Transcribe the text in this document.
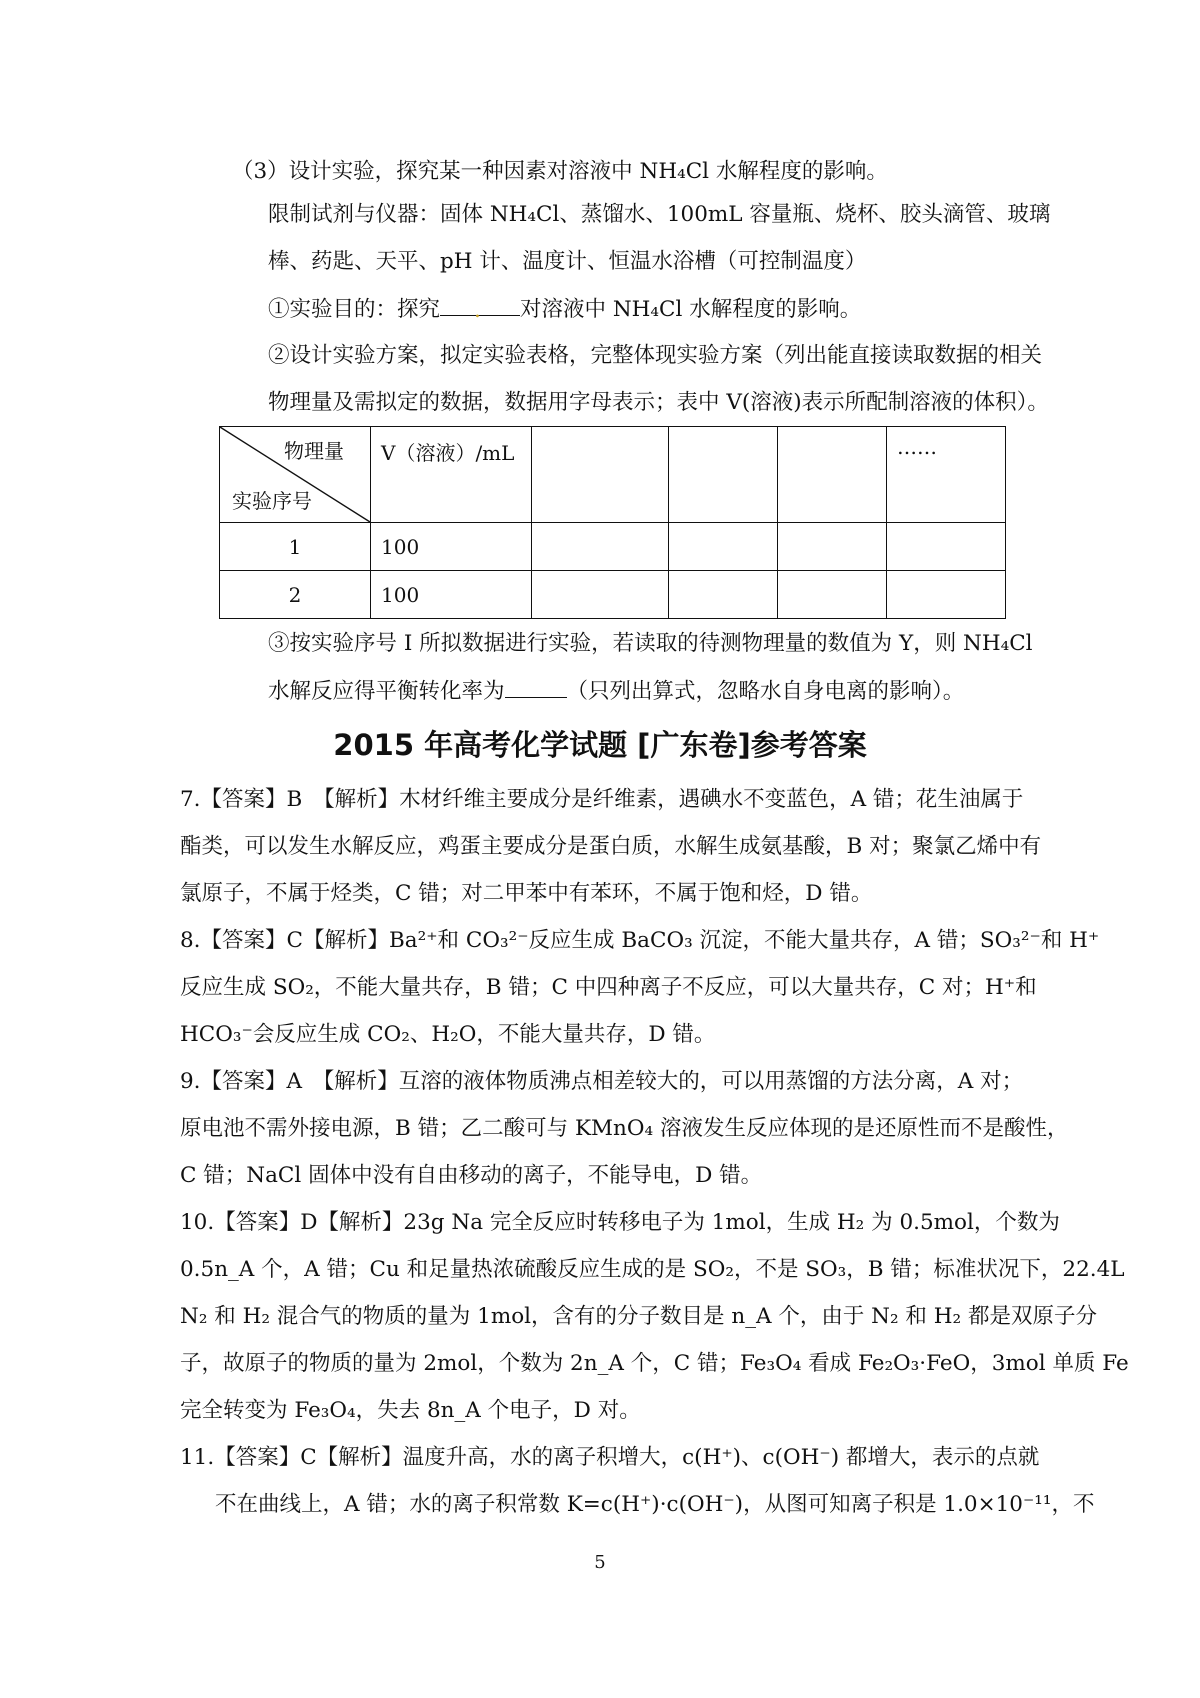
（3）设计实验，探究某一种因素对溶液中 NH₄Cl 水解程度的影响。
限制试剂与仪器：固体 NH₄Cl、蒸馏水、100mL 容量瓶、烧杯、胶头滴管、玻璃
棒、药匙、天平、pH 计、温度计、恒温水浴槽（可控制温度）
①实验目的：探究 . 对溶液中 NH₄Cl 水解程度的影响。
②设计实验方案，拟定实验表格，完整体现实验方案（列出能直接读取数据的相关
物理量及需拟定的数据，数据用字母表示；表中 V(溶液)表示所配制溶液的体积）。
物理量
实验序号	V（溶液）/mL				……
1	100				
2	100				
③按实验序号 I 所拟数据进行实验，若读取的待测物理量的数值为 Y，则 NH₄Cl
水解反应得平衡转化率为	（只列出算式，忽略水自身电离的影响）。
2015 年高考化学试题 [广东卷]参考答案
7.【答案】B　【解析】木材纤维主要成分是纤维素，遇碘水不变蓝色，A 错；花生油属于
酯类，可以发生水解反应，鸡蛋主要成分是蛋白质，水解生成氨基酸，B 对；聚氯乙烯中有
氯原子，不属于烃类，C 错；对二甲苯中有苯环，不属于饱和烃，D 错。
8.【答案】C【解析】Ba²⁺和 CO₃²⁻反应生成 BaCO₃ 沉淀，不能大量共存，A 错；SO₃²⁻和 H⁺
反应生成 SO₂，不能大量共存，B 错；C 中四种离子不反应，可以大量共存，C 对；H⁺和
HCO₃⁻会反应生成 CO₂、H₂O，不能大量共存，D 错。
9.【答案】A　【解析】互溶的液体物质沸点相差较大的，可以用蒸馏的方法分离，A 对；
原电池不需外接电源，B 错；乙二酸可与 KMnO₄ 溶液发生反应体现的是还原性而不是酸性，
C 错；NaCl 固体中没有自由移动的离子，不能导电，D 错。
10.【答案】D【解析】23g Na 完全反应时转移电子为 1mol，生成 H₂ 为 0.5mol，个数为
0.5n_A 个，A 错；Cu 和足量热浓硫酸反应生成的是 SO₂，不是 SO₃，B 错；标准状况下，22.4L
N₂ 和 H₂ 混合气的物质的量为 1mol，含有的分子数目是 n_A 个，由于 N₂ 和 H₂ 都是双原子分
子，故原子的物质的量为 2mol，个数为 2n_A 个，C 错；Fe₃O₄ 看成 Fe₂O₃·FeO，3mol 单质 Fe
完全转变为 Fe₃O₄，失去 8n_A 个电子，D 对。
11.【答案】C【解析】温度升高，水的离子积增大，c(H⁺)、c(OH⁻) 都增大，表示的点就
不在曲线上，A 错；水的离子积常数 K=c(H⁺)·c(OH⁻)，从图可知离子积是 1.0×10⁻¹¹，不
5
